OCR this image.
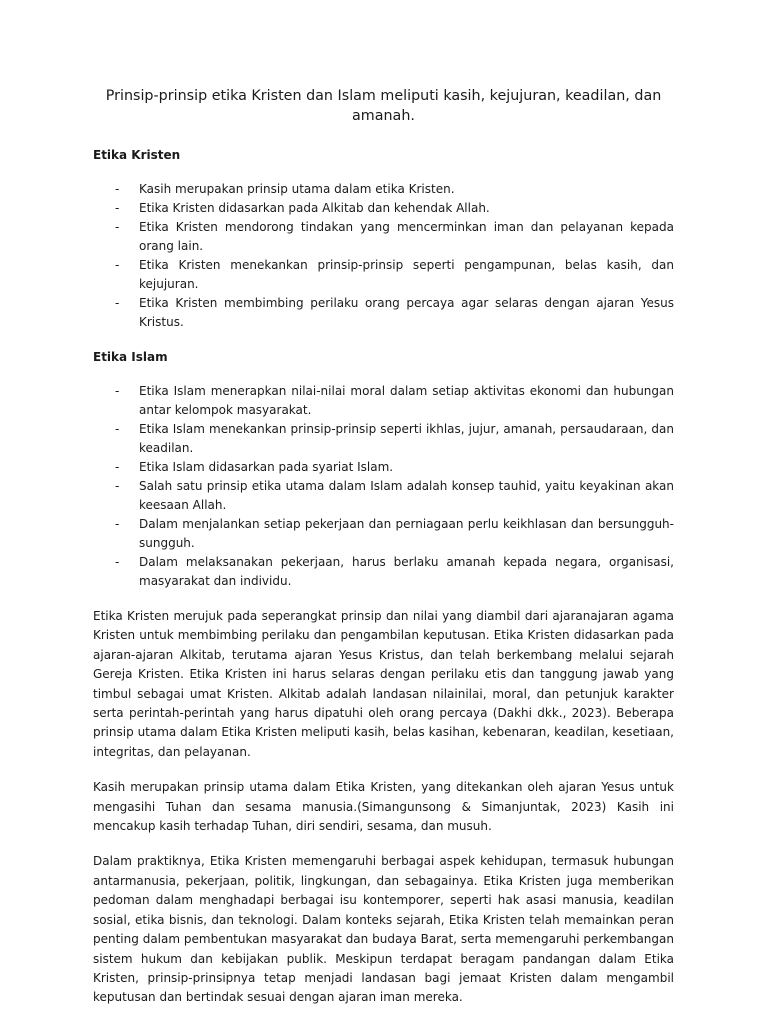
Prinsip-prinsip etika Kristen dan Islam meliputi kasih, kejujuran, keadilan, dan amanah.
Etika Kristen
- Kasih merupakan prinsip utama dalam etika Kristen.
- Etika Kristen didasarkan pada Alkitab dan kehendak Allah.
- Etika Kristen mendorong tindakan yang mencerminkan iman dan pelayanan kepada orang lain.
- Etika Kristen menekankan prinsip-prinsip seperti pengampunan, belas kasih, dan kejujuran.
- Etika Kristen membimbing perilaku orang percaya agar selaras dengan ajaran Yesus Kristus.
Etika Islam
- Etika Islam menerapkan nilai-nilai moral dalam setiap aktivitas ekonomi dan hubungan antar kelompok masyarakat.
- Etika Islam menekankan prinsip-prinsip seperti ikhlas, jujur, amanah, persaudaraan, dan keadilan.
- Etika Islam didasarkan pada syariat Islam.
- Salah satu prinsip etika utama dalam Islam adalah konsep tauhid, yaitu keyakinan akan keesaan Allah.
- Dalam menjalankan setiap pekerjaan dan perniagaan perlu keikhlasan dan bersungguh-sungguh.
- Dalam melaksanakan pekerjaan, harus berlaku amanah kepada negara, organisasi, masyarakat dan individu.

Etika Kristen merujuk pada seperangkat prinsip dan nilai yang diambil dari ajaranajaran agama Kristen untuk membimbing perilaku dan pengambilan keputusan. Etika Kristen didasarkan pada ajaran-ajaran Alkitab, terutama ajaran Yesus Kristus, dan telah berkembang melalui sejarah Gereja Kristen. Etika Kristen ini harus selaras dengan perilaku etis dan tanggung jawab yang timbul sebagai umat Kristen. Alkitab adalah landasan nilainilai, moral, dan petunjuk karakter serta perintah-perintah yang harus dipatuhi oleh orang percaya (Dakhi dkk., 2023). Beberapa prinsip utama dalam Etika Kristen meliputi kasih, belas kasihan, kebenaran, keadilan, kesetiaan, integritas, dan pelayanan.

Kasih merupakan prinsip utama dalam Etika Kristen, yang ditekankan oleh ajaran Yesus untuk mengasihi Tuhan dan sesama manusia.(Simangunsong & Simanjuntak, 2023) Kasih ini mencakup kasih terhadap Tuhan, diri sendiri, sesama, dan musuh.

Dalam praktiknya, Etika Kristen memengaruhi berbagai aspek kehidupan, termasuk hubungan antarmanusia, pekerjaan, politik, lingkungan, dan sebagainya. Etika Kristen juga memberikan pedoman dalam menghadapi berbagai isu kontemporer, seperti hak asasi manusia, keadilan sosial, etika bisnis, dan teknologi. Dalam konteks sejarah, Etika Kristen telah memainkan peran penting dalam pembentukan masyarakat dan budaya Barat, serta memengaruhi perkembangan sistem hukum dan kebijakan publik. Meskipun terdapat beragam pandangan dalam Etika Kristen, prinsip-prinsipnya tetap menjadi landasan bagi jemaat Kristen dalam mengambil keputusan dan bertindak sesuai dengan ajaran iman mereka.
